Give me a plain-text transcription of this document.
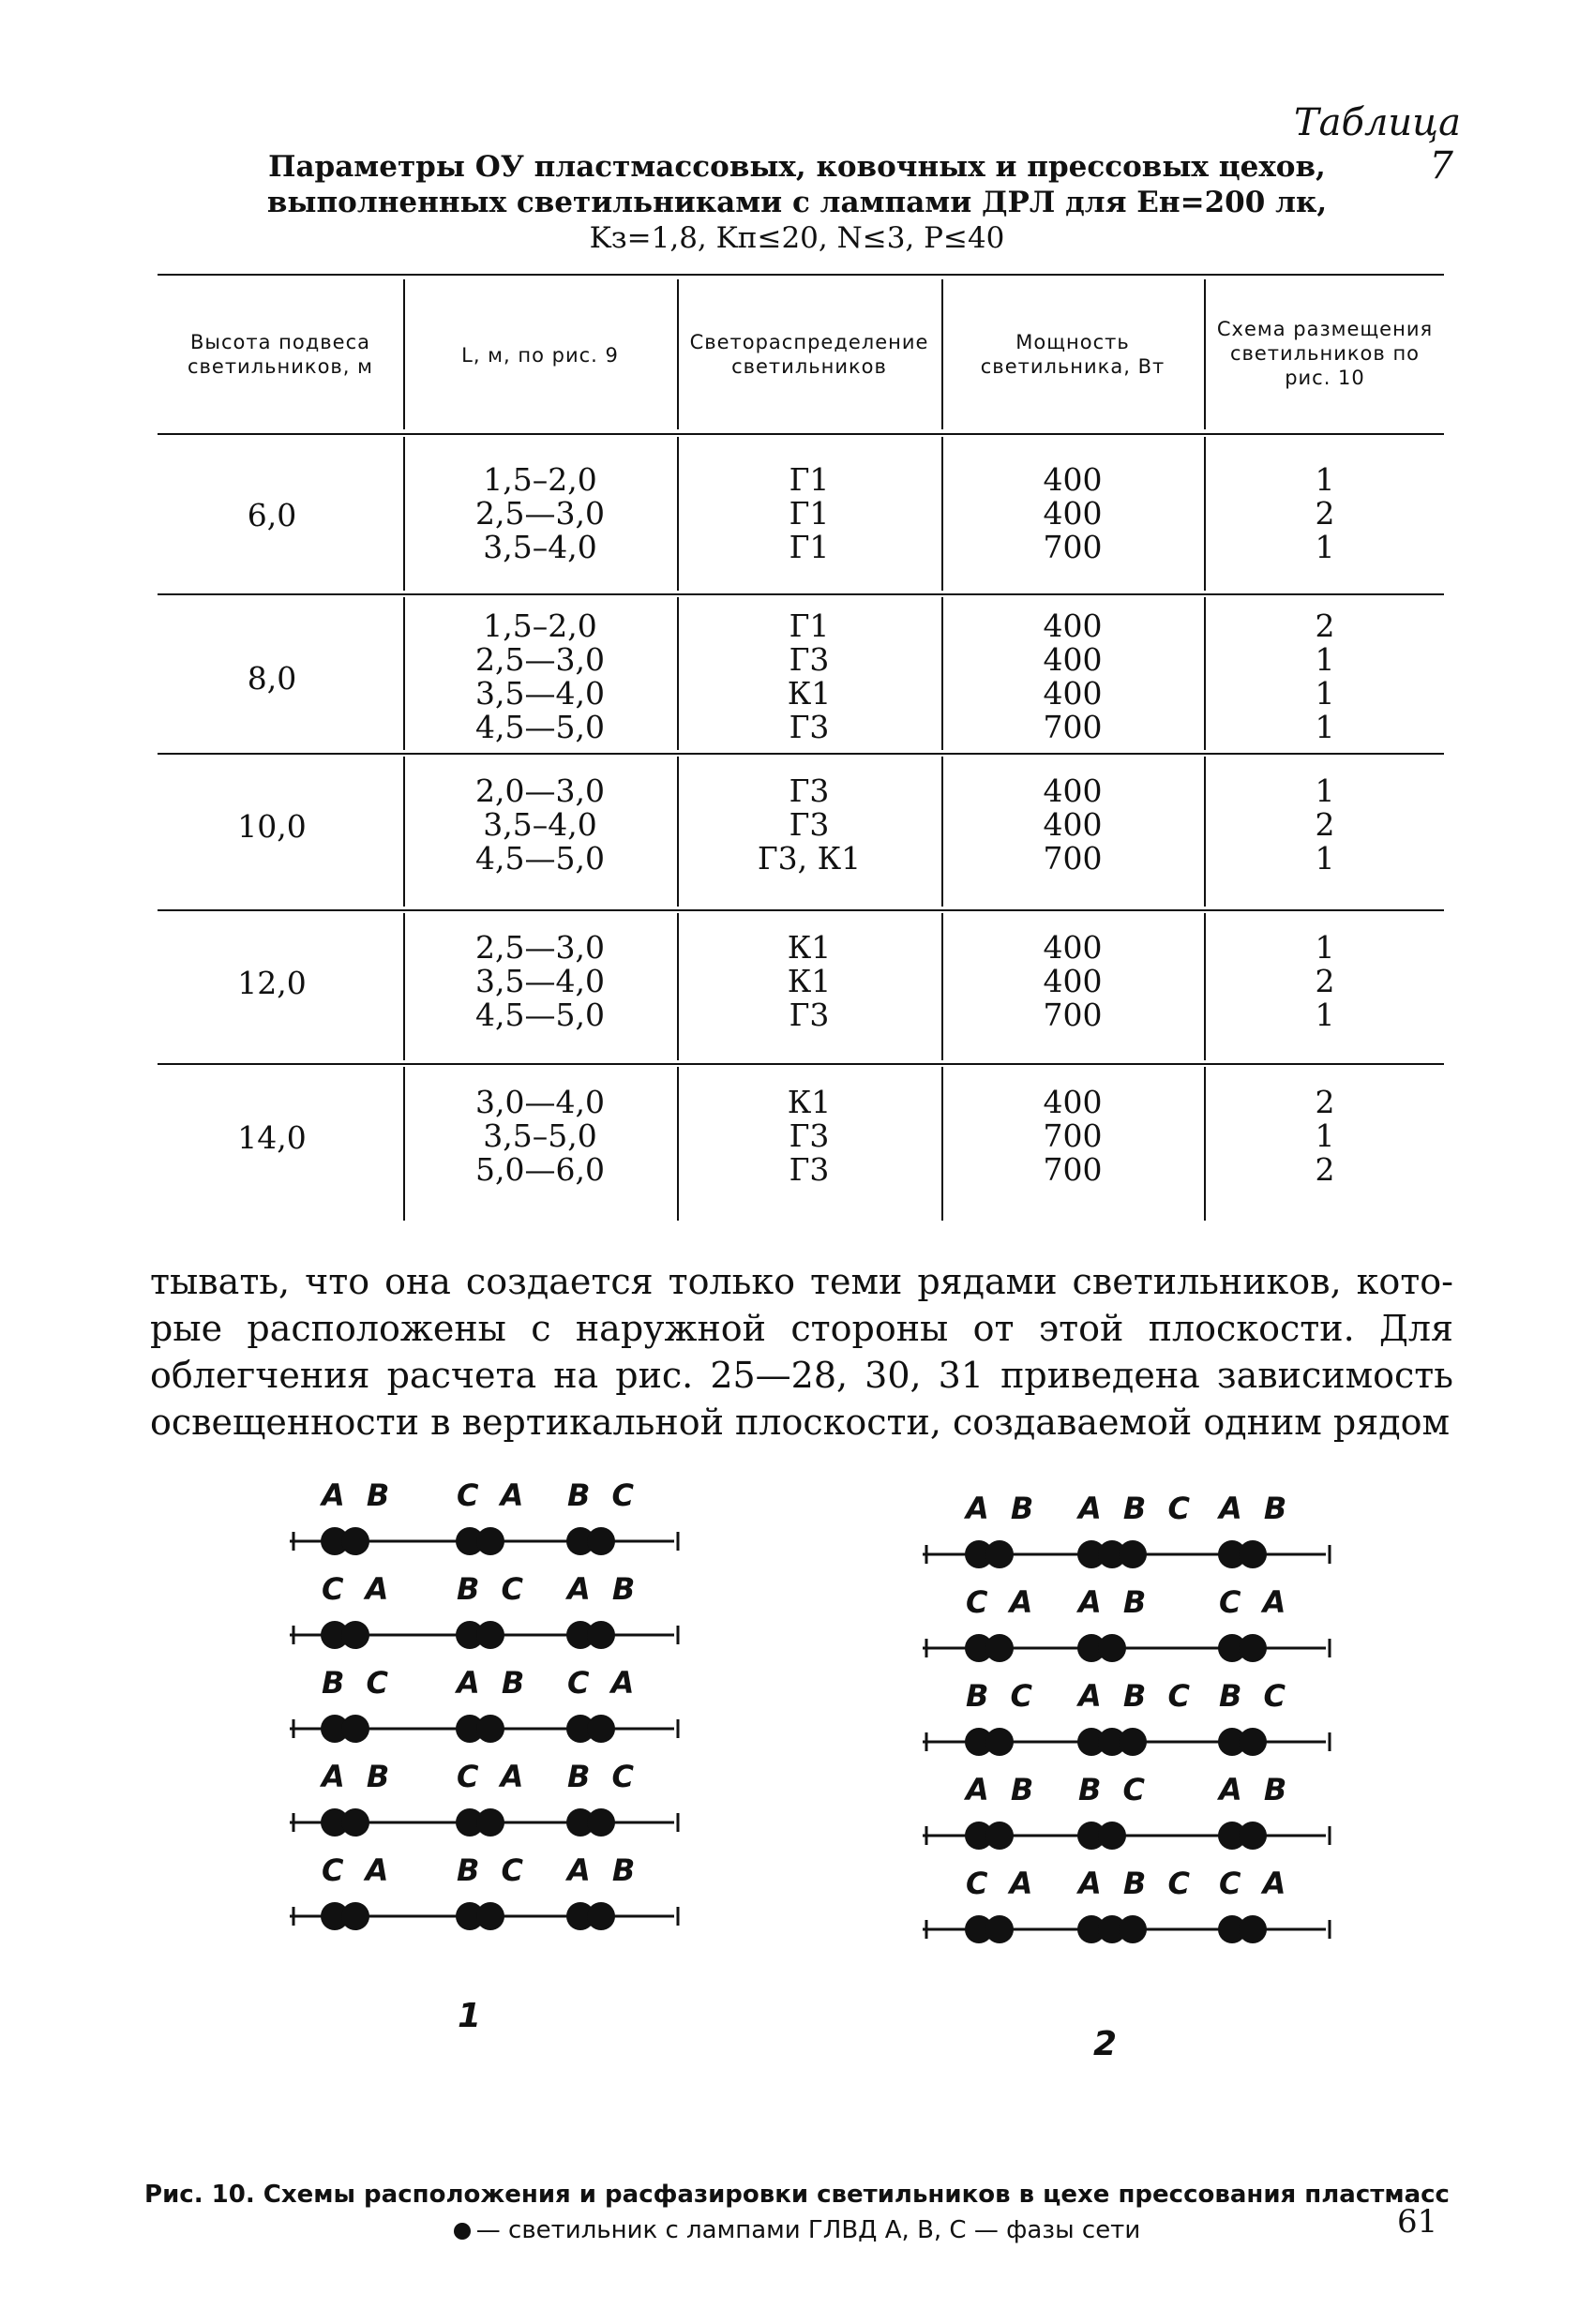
Таблица 7
Параметры ОУ пластмассовых, ковочных и прессовых цехов,
выполненных светильниками с лампами ДРЛ для Eн=200 лк,
Kз=1,8, Kп≤20, N≤3, P≤40
Высота подвеса светильников, м	L, м, по рис. 9
Светораспределение светильников
Мощность светильника, Вт
Схема размещения светильников по рис. 10
6,0
1,5–2,0
2,5—3,0
3,5–4,0
Г1
Г1
Г1
400
400
700
1
2
1
8,0
1,5–2,0
2,5—3,0
3,5—4,0
4,5—5,0
Г1
Г3
К1
Г3
400
400
400
700
2
1
1
1
10,0
2,0—3,0
3,5–4,0
4,5—5,0
Г3
Г3
Г3, К1
400
400
700
1
2
1
12,0
2,5—3,0
3,5—4,0
4,5—5,0
К1
К1
Г3
400
400
700
1
2
1
14,0
3,0—4,0
3,5–5,0
5,0—6,0
К1
Г3
Г3
400
700
700
2
1
2
тывать, что она создается только теми рядами светильников, кото-
рые расположены с наружной стороны от этой плоскости. Для
облегчения расчета на рис. 25—28, 30, 31 приведена зависимость
освещенности в вертикальной плоскости, создаваемой одним рядом
A B C A B C
C A B C A B
B C A B C A
A B C A B C
C A B C A B
1
A B A B C A B
C A A B C A
B C A B C B C
A B B C A B
C A A B C C A
2
Рис. 10. Схемы расположения и расфазировки светильников в цехе прессования пластмасс
— светильник с лампами ГЛВД A, B, C — фазы сети	61
